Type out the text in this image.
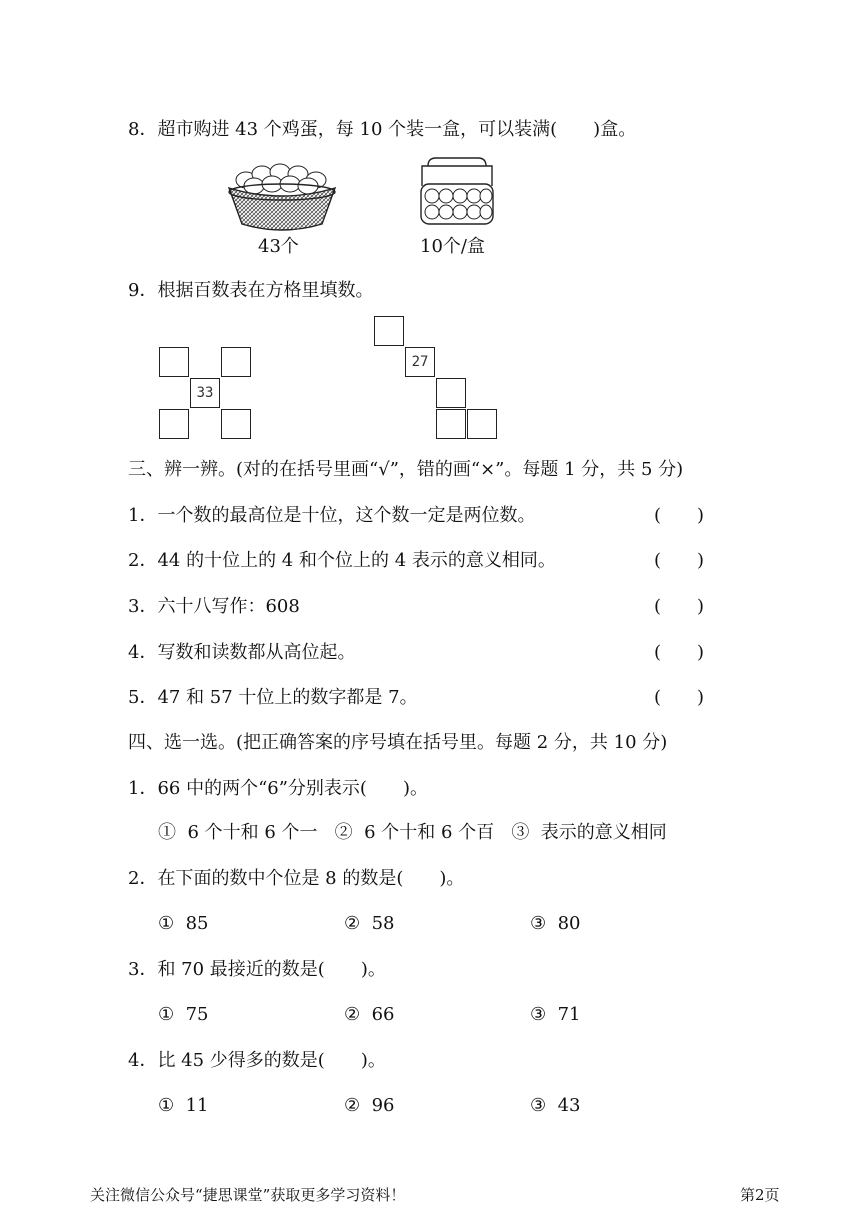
8．超市购进 43 个鸡蛋，每 10 个装一盒，可以装满(　　)盒。
43个	10个/盒
9．根据百数表在方格里填数。
33
27
三、辨一辨。(对的在括号里画“√”，错的画“×”。每题 1 分，共 5 分)
1．一个数的最高位是十位，这个数一定是两位数。	(　　)
2．44 的十位上的 4 和个位上的 4 表示的意义相同。	(　　)
3．六十八写作：608	(　　)
4．写数和读数都从高位起。	(　　)
5．47 和 57 十位上的数字都是 7。	(　　)
四、选一选。(把正确答案的序号填在括号里。每题 2 分，共 10 分)
1．66 中的两个“6”分别表示(　　)。
①  6 个十和 6 个一   ②  6 个十和 6 个百   ③  表示的意义相同
2．在下面的数中个位是 8 的数是(　　)。
①  85	②  58	③  80
3．和 70 最接近的数是(　　)。
①  75	②  66	③  71
4．比 45 少得多的数是(　　)。
①  11	②  96	③  43
关注微信公众号“捷思课堂”获取更多学习资料！	第2页
